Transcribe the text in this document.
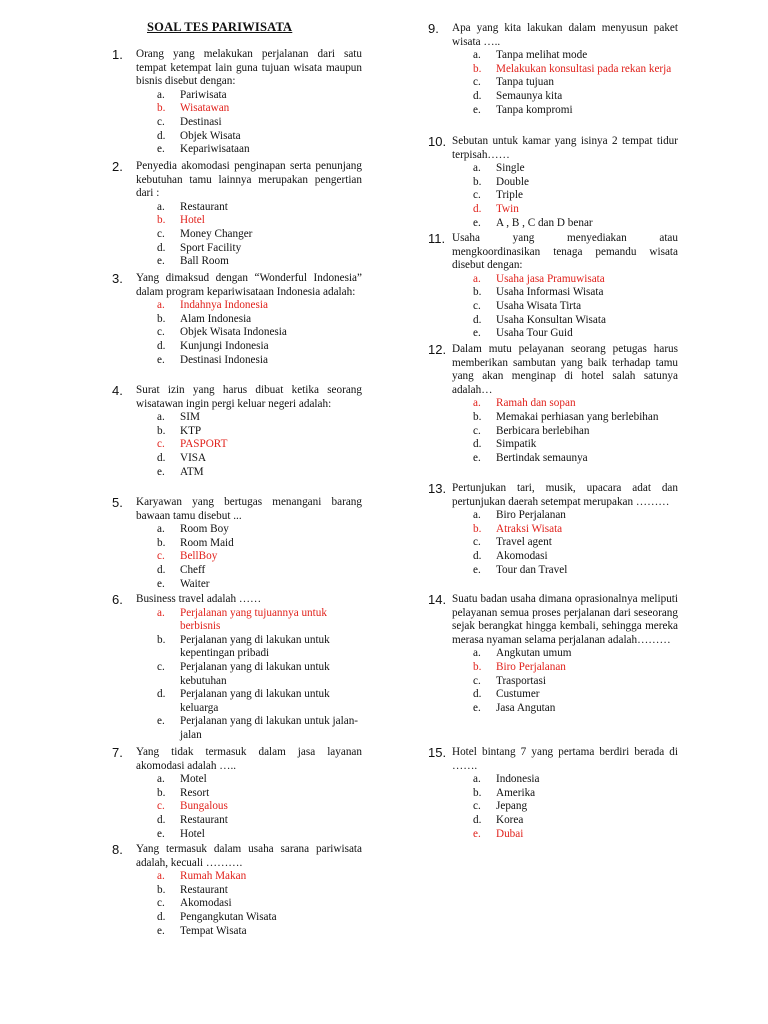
SOAL TES PARIWISATA
1. Orang yang melakukan perjalanan dari satu tempat ketempat lain guna tujuan wisata maupun bisnis disebut dengan:
a. Pariwisata
b. Wisatawan
c. Destinasi
d. Objek Wisata
e. Kepariwisataan
2. Penyedia akomodasi penginapan serta penunjang kebutuhan tamu lainnya merupakan pengertian dari :
a. Restaurant
b. Hotel
c. Money Changer
d. Sport Facility
e. Ball Room
3. Yang dimaksud dengan “Wonderful Indonesia” dalam program kepariwisataan Indonesia adalah:
a. Indahnya Indonesia
b. Alam Indonesia
c. Objek Wisata Indonesia
d. Kunjungi Indonesia
e. Destinasi Indonesia
4. Surat izin yang harus dibuat ketika seorang wisatawan ingin pergi keluar negeri adalah:
a. SIM
b. KTP
c. PASPORT
d. VISA
e. ATM
5. Karyawan yang bertugas menangani barang bawaan tamu disebut ...
a. Room Boy
b. Room Maid
c. BellBoy
d. Cheff
e. Waiter
6. Business travel adalah ……
a. Perjalanan yang tujuannya untuk berbisnis
b. Perjalanan yang di lakukan untuk kepentingan pribadi
c. Perjalanan yang di lakukan untuk kebutuhan
d. Perjalanan yang di lakukan untuk keluarga
e. Perjalanan yang di lakukan untuk jalan-jalan
7. Yang tidak termasuk dalam jasa layanan akomodasi adalah …..
a. Motel
b. Resort
c. Bungalous
d. Restaurant
e. Hotel
8. Yang termasuk dalam usaha sarana pariwisata adalah, kecuali ……….
a. Rumah Makan
b. Restaurant
c. Akomodasi
d. Pengangkutan Wisata
e. Tempat Wisata
9. Apa yang kita lakukan dalam menyusun paket wisata …..
a. Tanpa melihat mode
b. Melakukan konsultasi pada rekan kerja
c. Tanpa tujuan
d. Semaunya kita
e. Tanpa kompromi
10. Sebutan untuk kamar yang isinya 2 tempat tidur terpisah……
a. Single
b. Double
c. Triple
d. Twin
e. A , B , C dan D benar
11. Usaha yang menyediakan atau mengkoordinasikan tenaga pemandu wisata disebut dengan:
a. Usaha jasa Pramuwisata
b. Usaha Informasi Wisata
c. Usaha Wisata Tirta
d. Usaha Konsultan Wisata
e. Usaha Tour Guid
12. Dalam mutu pelayanan seorang petugas harus memberikan sambutan yang baik terhadap tamu yang akan menginap di hotel salah satunya adalah…
a. Ramah dan sopan
b. Memakai perhiasan yang berlebihan
c. Berbicara berlebihan
d. Simpatik
e. Bertindak semaunya
13. Pertunjukan tari, musik, upacara adat dan pertunjukan daerah setempat merupakan ………
a. Biro Perjalanan
b. Atraksi Wisata
c. Travel agent
d. Akomodasi
e. Tour dan Travel
14. Suatu badan usaha dimana oprasionalnya meliputi pelayanan semua proses perjalanan dari seseorang sejak berangkat hingga kembali, sehingga mereka merasa nyaman selama perjalanan adalah………
a. Angkutan umum
b. Biro Perjalanan
c. Trasportasi
d. Custumer
e. Jasa Angutan
15. Hotel bintang 7 yang pertama berdiri berada di …….
a. Indonesia
b. Amerika
c. Jepang
d. Korea
e. Dubai
